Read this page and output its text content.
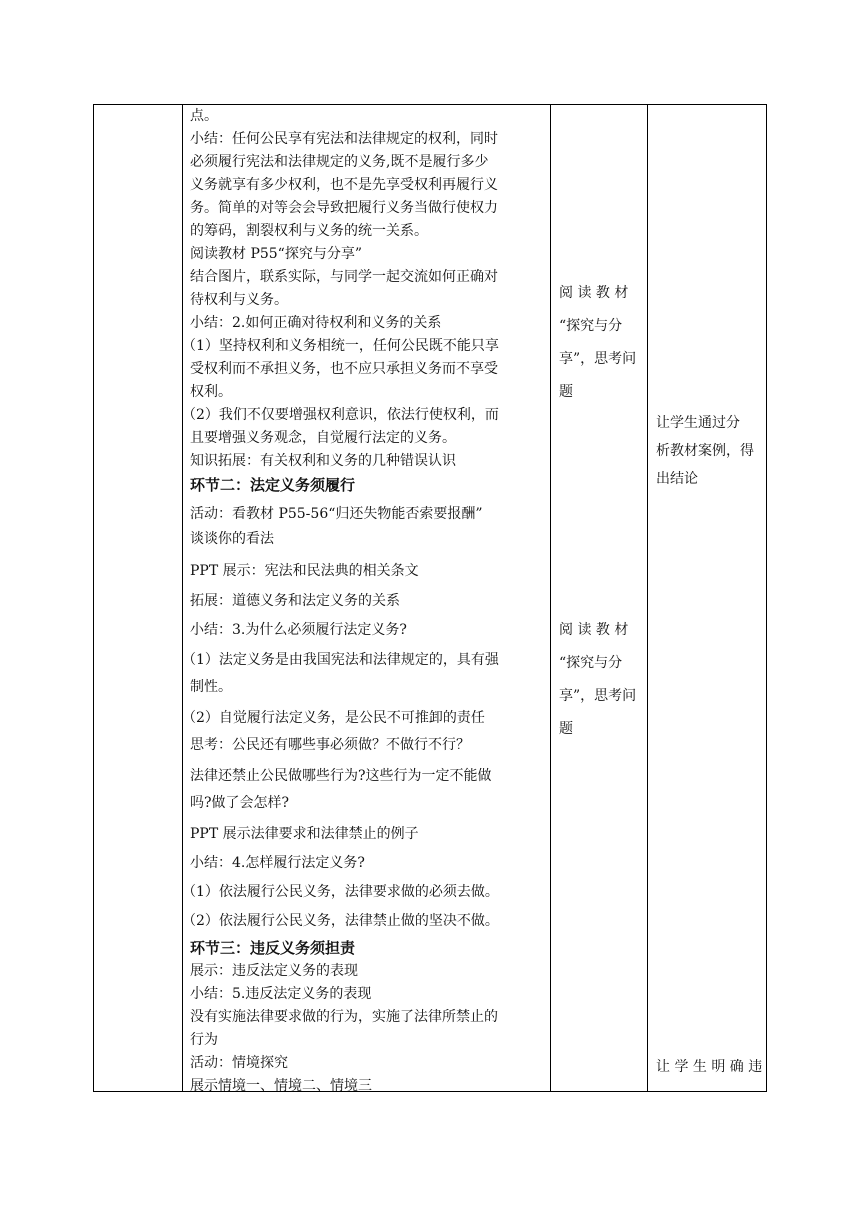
点。
小结：任何公民享有宪法和法律规定的权利，同时
必须履行宪法和法律规定的义务,既不是履行多少
义务就享有多少权利，也不是先享受权利再履行义
务。简单的对等会会导致把履行义务当做行使权力
的筹码，割裂权利与义务的统一关系。
阅读教材 P55“探究与分享”
结合图片，联系实际，与同学一起交流如何正确对
待权利与义务。
小结：2.如何正确对待权利和义务的关系
（1）坚持权利和义务相统一，任何公民既不能只享
受权利而不承担义务，也不应只承担义务而不享受
权利。
（2）我们不仅要增强权利意识，依法行使权利，而
且要增强义务观念，自觉履行法定的义务。
知识拓展：有关权利和义务的几种错误认识
环节二：法定义务须履行
活动：看教材 P55-56“归还失物能否索要报酬”
谈谈你的看法
PPT 展示：宪法和民法典的相关条文
拓展：道德义务和法定义务的关系
小结：3.为什么必须履行法定义务?
（1）法定义务是由我国宪法和法律规定的，具有强
制性。
（2）自觉履行法定义务，是公民不可推卸的责任
思考：公民还有哪些事必须做？不做行不行？
法律还禁止公民做哪些行为?这些行为一定不能做
吗?做了会怎样?
PPT 展示法律要求和法律禁止的例子
小结：4.怎样履行法定义务?
（1）依法履行公民义务，法律要求做的必须去做。
（2）依法履行公民义务，法律禁止做的坚决不做。
环节三：违反义务须担责
展示：违反法定义务的表现
小结：5.违反法定义务的表现
没有实施法律要求做的行为，实施了法律所禁止的
行为
活动：情境探究
展示情境一、情境二、情境三
阅 读 教 材
“探究与分
享”，思考问
题
阅 读 教 材
“探究与分
享”，思考问
题
让学生通过分
析教材案例，得
出结论
让 学 生 明 确 违
